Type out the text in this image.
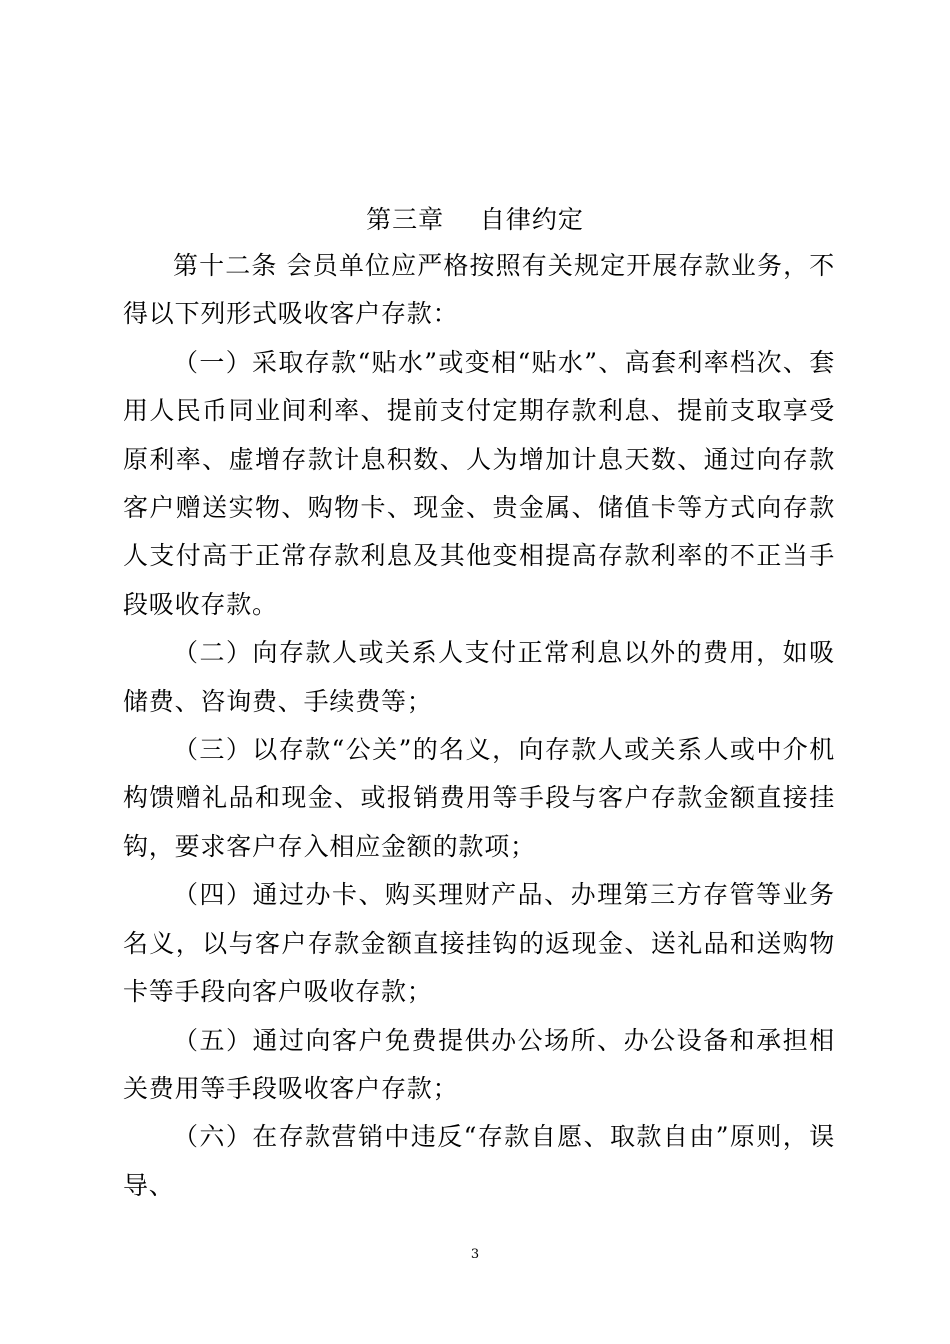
第三章    自律约定

第十二条 会员单位应严格按照有关规定开展存款业务，不得以下列形式吸收客户存款：

（一）采取存款“贴水”或变相“贴水”、高套利率档次、套用人民币同业间利率、提前支付定期存款利息、提前支取享受原利率、虚增存款计息积数、人为增加计息天数、通过向存款客户赠送实物、购物卡、现金、贵金属、储值卡等方式向存款人支付高于正常存款利息及其他变相提高存款利率的不正当手段吸收存款。

（二）向存款人或关系人支付正常利息以外的费用，如吸储费、咨询费、手续费等；

（三）以存款“公关”的名义，向存款人或关系人或中介机构馈赠礼品和现金、或报销费用等手段与客户存款金额直接挂钩，要求客户存入相应金额的款项；

（四）通过办卡、购买理财产品、办理第三方存管等业务名义，以与客户存款金额直接挂钩的返现金、送礼品和送购物卡等手段向客户吸收存款；

（五）通过向客户免费提供办公场所、办公设备和承担相关费用等手段吸收客户存款；

（六）在存款营销中违反“存款自愿、取款自由”原则，误导、

3
